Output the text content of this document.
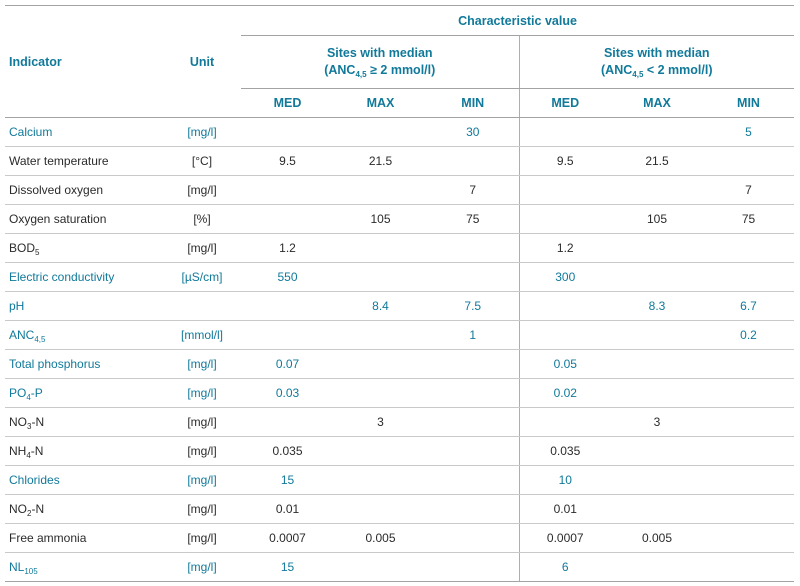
Indicator	Unit	Characteristic value					

Sites with median
($ANC_{4,5} \ge 2$ mmol/l)

Sites with median
($ANC_{4,5} < 2$ mmol/l)

		MED	MAX	MIN	MED	MAX	MIN
Calcium	[mg/l]			30			5
Water temperature	[°C]	9.5	21.5		9.5	21.5	
Dissolved oxygen	[mg/l]			7			7
Oxygen saturation	[%]		105	75		105	75
$BOD_5$	[mg/l]	1.2			1.2		
Electric conductivity	[µS/cm]	550			300		
pH			8.4	7.5		8.3	6.7
$ANC_{4,5}$	[mmol/l]			1			0.2
Total phosphorus	[mg/l]	0.07			0.05		
$PO_4-P$	[mg/l]	0.03			0.02		
$NO_3-N$	[mg/l]		3			3	
$NH_4-N$	[mg/l]	0.035			0.035		
Chlorides	[mg/l]	15			10		
$NO_2-N$	[mg/l]	0.01			0.01		
Free ammonia	[mg/l]	0.0007	0.005		0.0007	0.005	
$NL_{105}$	[mg/l]	15			6		
